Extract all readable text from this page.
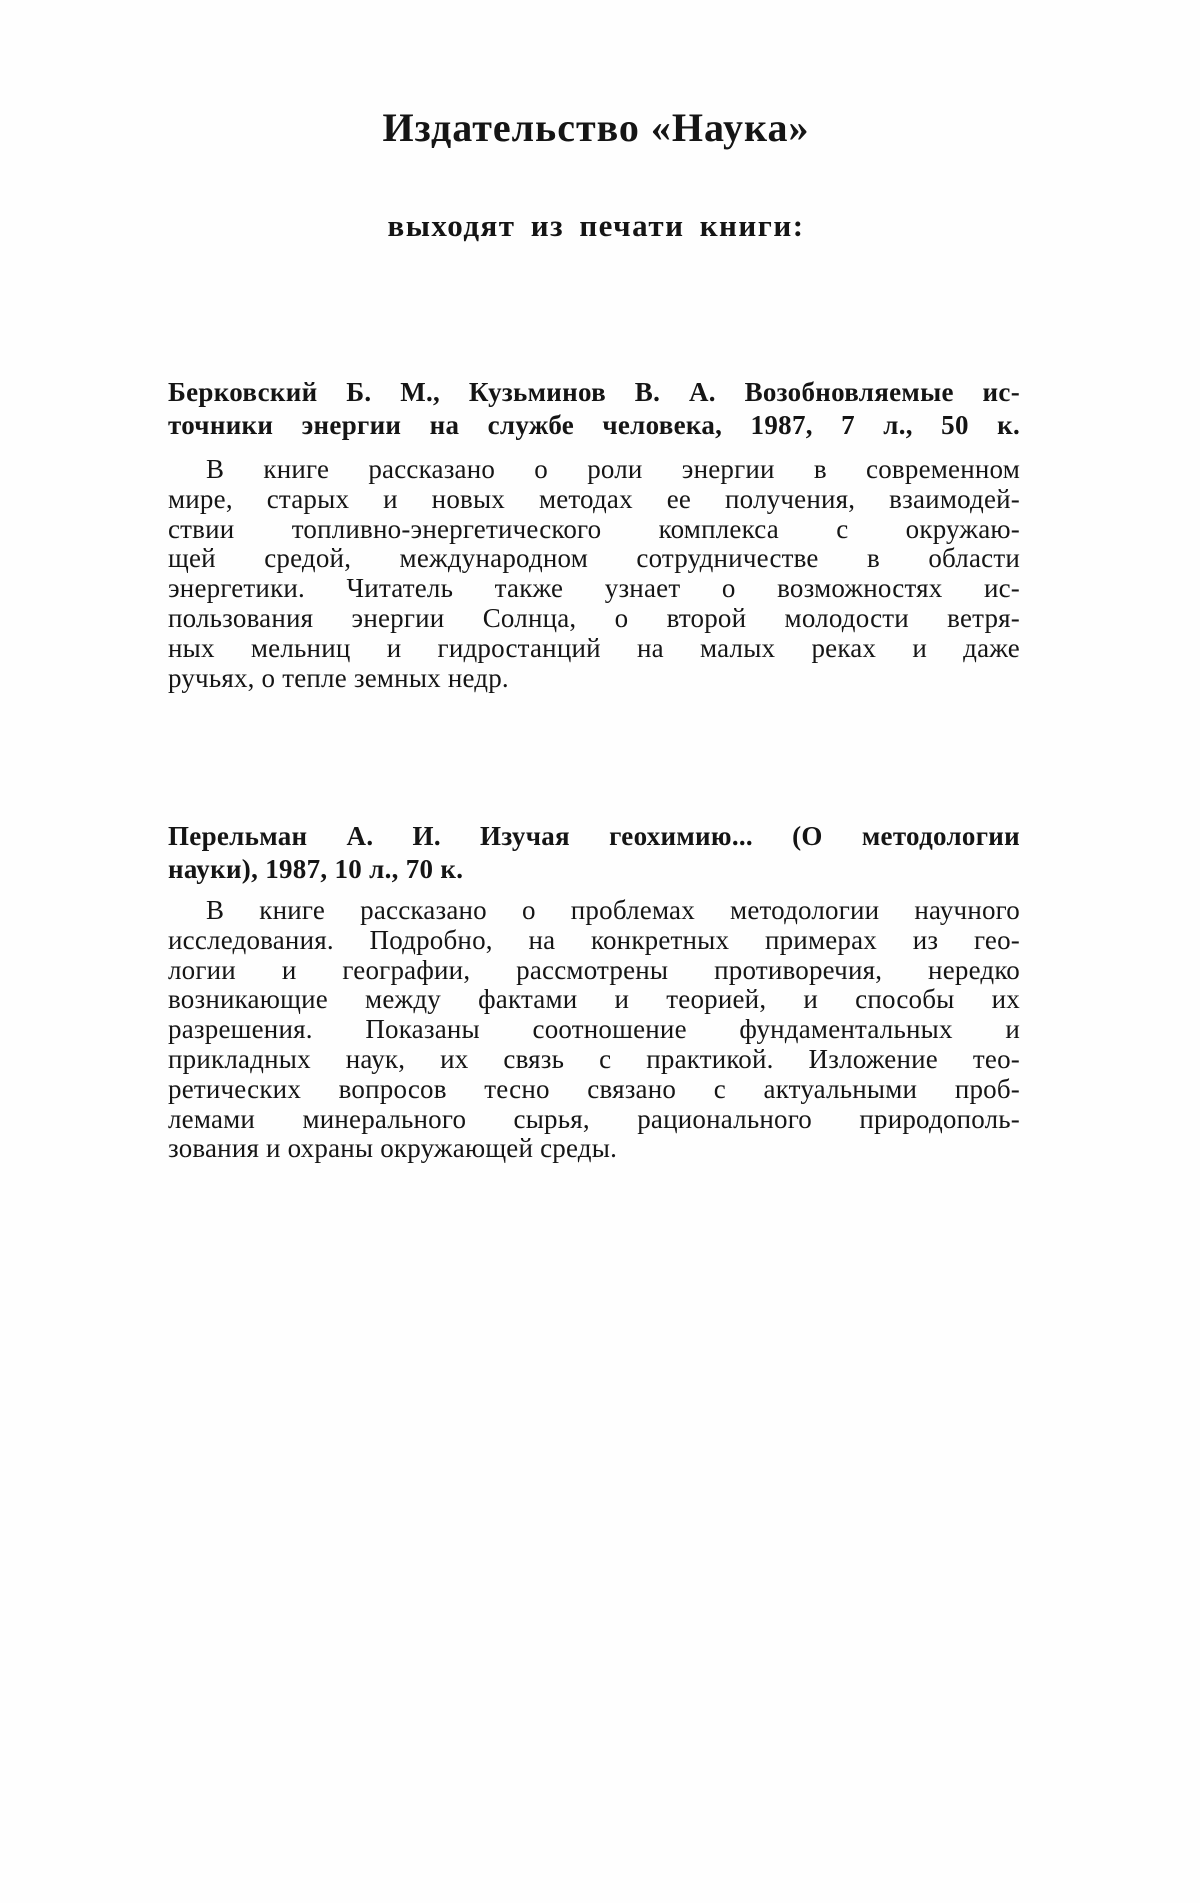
Издательство «Наука»
выходят из печати книги:
Берковский Б. М., Кузьминов В. А. Возобновляемые ис-
точники энергии на службе человека, 1987, 7 л., 50 к.
В книге рассказано о роли энергии в современном
мире, старых и новых методах ее получения, взаимодей-
ствии топливно-энергетического комплекса с окружаю-
щей средой, международном сотрудничестве в области
энергетики. Читатель также узнает о возможностях ис-
пользования энергии Солнца, о второй молодости ветря-
ных мельниц и гидростанций на малых реках и даже
ручьях, о тепле земных недр.
Перельман А. И. Изучая геохимию... (О методологии
науки), 1987, 10 л., 70 к.
В книге рассказано о проблемах методологии научного
исследования. Подробно, на конкретных примерах из гео-
логии и географии, рассмотрены противоречия, нередко
возникающие между фактами и теорией, и способы их
разрешения. Показаны соотношение фундаментальных и
прикладных наук, их связь с практикой. Изложение тео-
ретических вопросов тесно связано с актуальными проб-
лемами минерального сырья, рационального природополь-
зования и охраны окружающей среды.
